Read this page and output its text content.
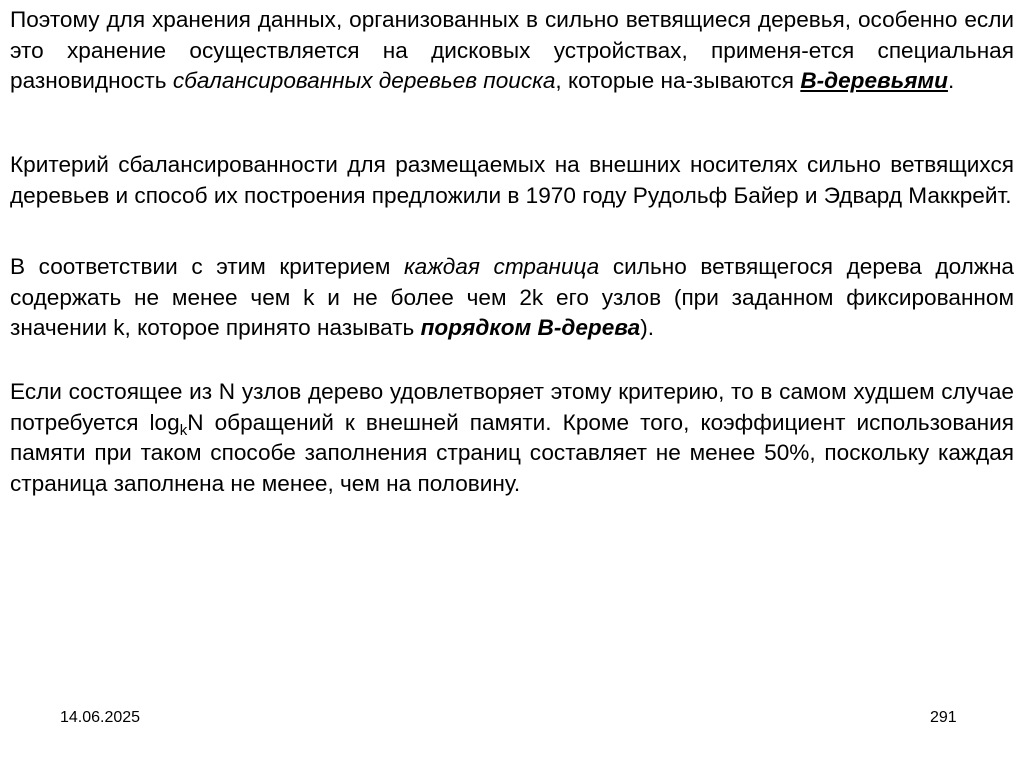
Поэтому для хранения данных, организованных в сильно ветвящиеся деревья, особенно если это хранение осуществляется на дисковых устройствах, применя-ется специальная разновидность сбалансированных деревьев поиска, которые на-зываются В-деревьями.

Критерий сбалансированности для размещаемых на внешних носителях сильно ветвящихся деревьев и способ их построения предложили в 1970 году Рудольф Байер и Эдвард Маккрейт.

В соответствии с этим критерием каждая страница сильно ветвящегося дерева должна содержать не менее чем k и не более чем 2k его узлов (при заданном фиксированном значении k, которое принято называть порядком В-дерева).

Если состоящее из N узлов дерево удовлетворяет этому критерию, то в самом худшем случае потребуется $\log_kN$ обращений к внешней памяти. Кроме того, коэффициент использования памяти при таком способе заполнения страниц составляет не менее 50%, поскольку каждая страница заполнена не менее, чем на половину.

14.06.2025	291
